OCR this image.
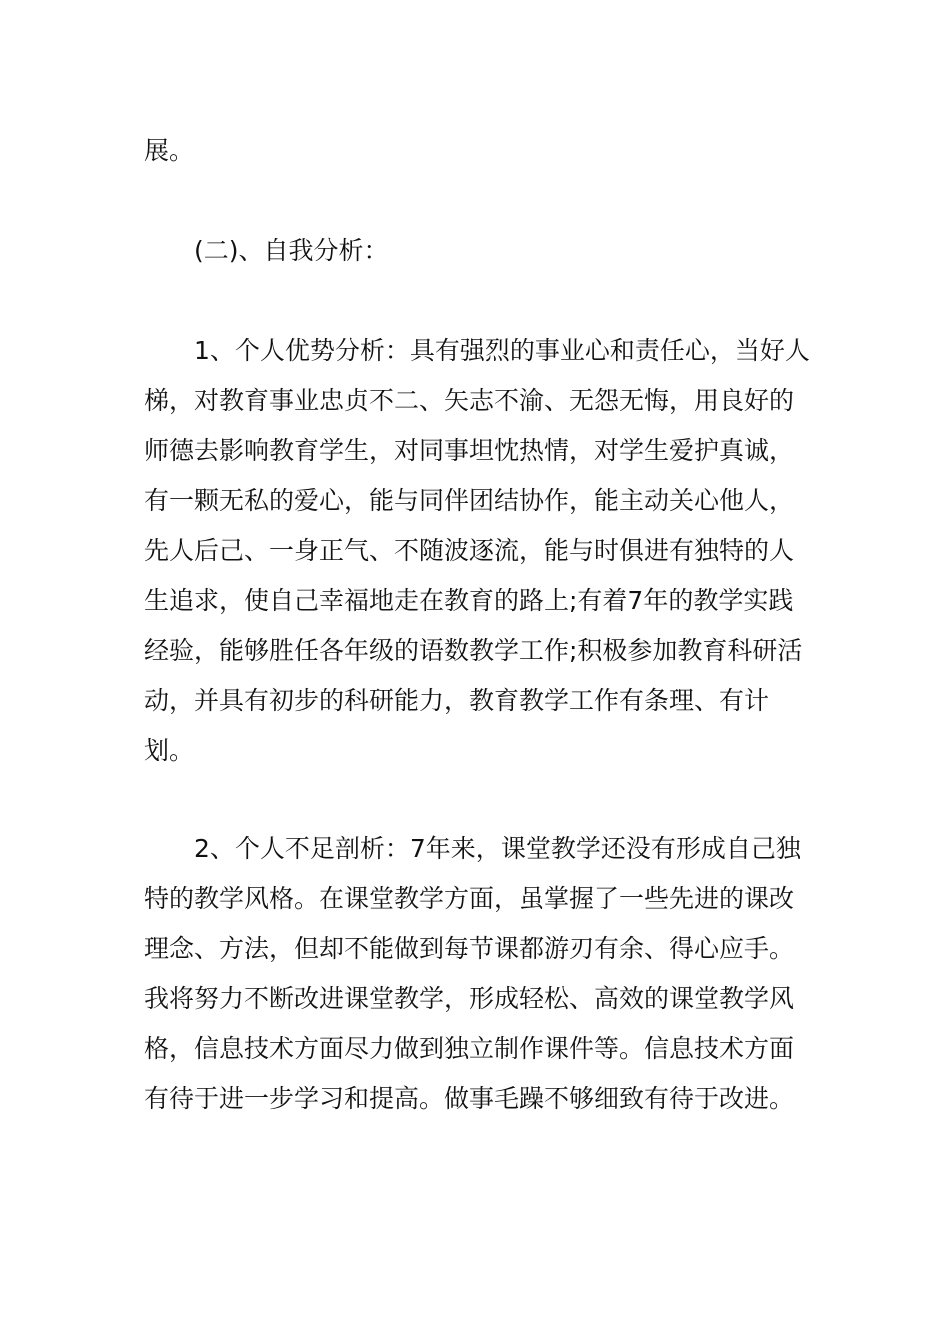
展。

(二)、自我分析：

1、个人优势分析：具有强烈的事业心和责任心，当好人梯，对教育事业忠贞不二、矢志不渝、无怨无悔，用良好的师德去影响教育学生，对同事坦忱热情，对学生爱护真诚，有一颗无私的爱心，能与同伴团结协作，能主动关心他人，先人后己、一身正气、不随波逐流，能与时俱进有独特的人生追求，使自己幸福地走在教育的路上;有着7年的教学实践经验，能够胜任各年级的语数教学工作;积极参加教育科研活动，并具有初步的科研能力，教育教学工作有条理、有计划。

2、个人不足剖析：7年来，课堂教学还没有形成自己独特的教学风格。在课堂教学方面，虽掌握了一些先进的课改理念、方法，但却不能做到每节课都游刃有余、得心应手。我将努力不断改进课堂教学，形成轻松、高效的课堂教学风格，信息技术方面尽力做到独立制作课件等。信息技术方面有待于进一步学习和提高。做事毛躁不够细致有待于改进。
